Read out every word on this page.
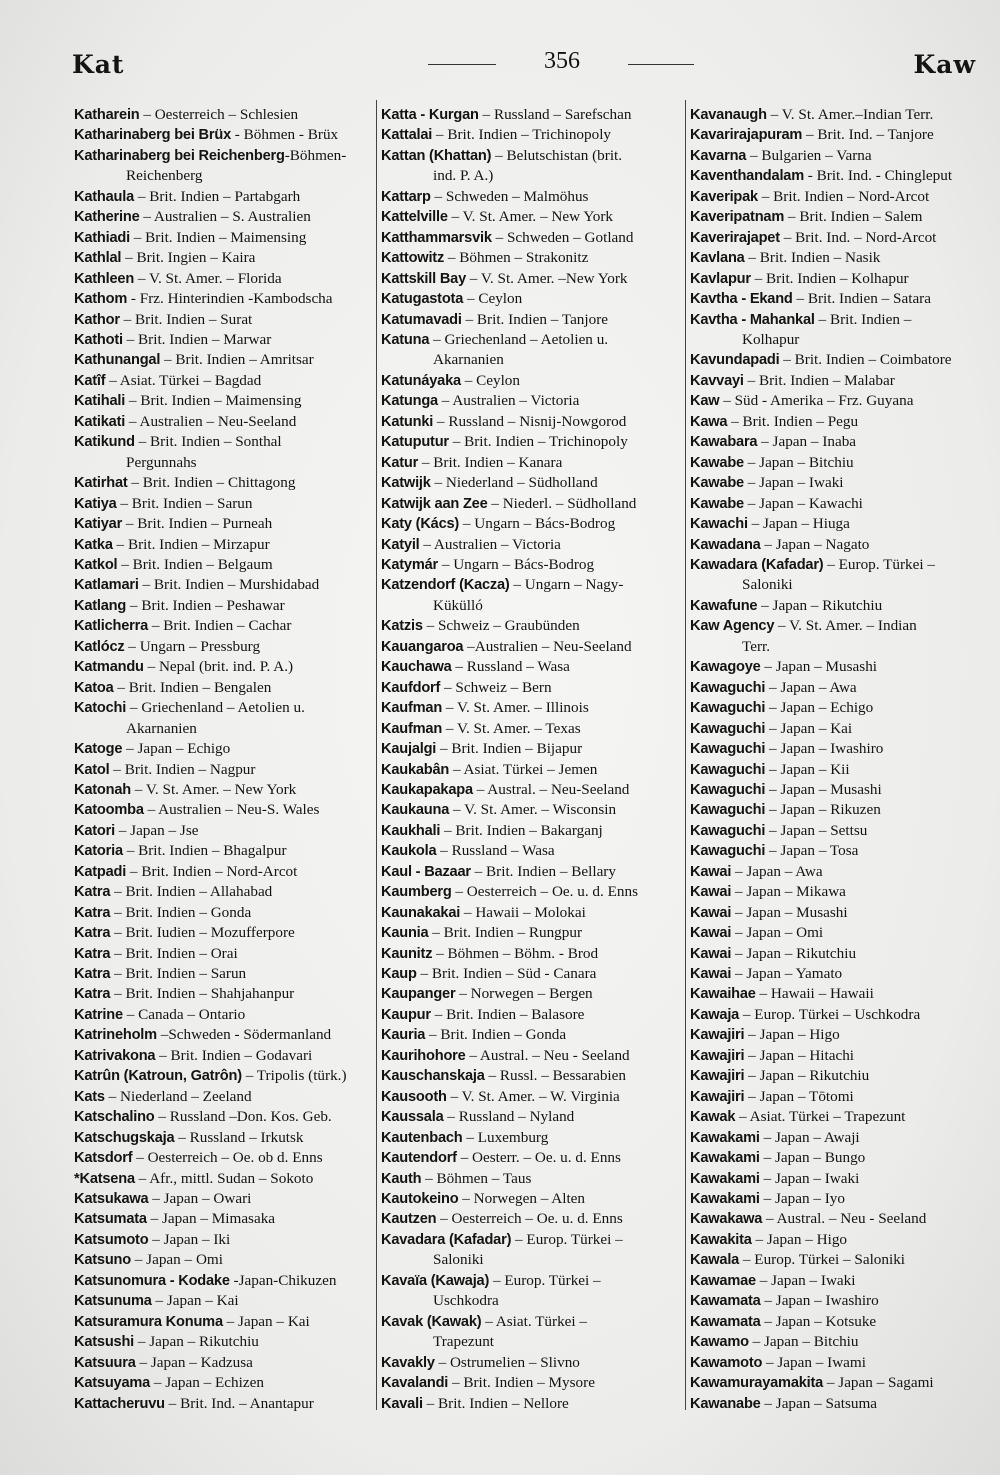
Kat	356	Kaw
Katharein – Oesterreich – Schlesien
Katharinaberg bei Brüx - Böhmen - Brüx
Katharinaberg bei Reichenberg-Böhmen-
Reichenberg
Kathaula – Brit. Indien – Partabgarh
Katherine – Australien – S. Australien
Kathiadi – Brit. Indien – Maimensing
Kathlal – Brit. Ingien – Kaira
Kathleen – V. St. Amer. – Florida
Kathom - Frz. Hinterindien -Kambodscha
Kathor – Brit. Indien – Surat
Kathoti – Brit. Indien – Marwar
Kathunangal – Brit. Indien – Amritsar
Katîf – Asiat. Türkei – Bagdad
Katihali – Brit. Indien – Maimensing
Katikati – Australien – Neu-Seeland
Katikund – Brit. Indien – Sonthal
Pergunnahs
Katirhat – Brit. Indien – Chittagong
Katiya – Brit. Indien – Sarun
Katiyar – Brit. Indien – Purneah
Katka – Brit. Indien – Mirzapur
Katkol – Brit. Indien – Belgaum
Katlamari – Brit. Indien – Murshidabad
Katlang – Brit. Indien – Peshawar
Katlicherra – Brit. Indien – Cachar
Katlócz – Ungarn – Pressburg
Katmandu – Nepal (brit. ind. P. A.)
Katoa – Brit. Indien – Bengalen
Katochi – Griechenland – Aetolien u.
Akarnanien
Katoge – Japan – Echigo
Katol – Brit. Indien – Nagpur
Katonah – V. St. Amer. – New York
Katoomba – Australien – Neu-S. Wales
Katori – Japan – Jse
Katoria – Brit. Indien – Bhagalpur
Katpadi – Brit. Indien – Nord-Arcot
Katra – Brit. Indien – Allahabad
Katra – Brit. Indien – Gonda
Katra – Brit. Iudien – Mozufferpore
Katra – Brit. Indien – Orai
Katra – Brit. Indien – Sarun
Katra – Brit. Indien – Shahjahanpur
Katrine – Canada – Ontario
Katrineholm –Schweden - Södermanland
Katrivakona – Brit. Indien – Godavari
Katrûn (Katroun, Gatrôn) – Tripolis (türk.)
Kats – Niederland – Zeeland
Katschalino – Russland –Don. Kos. Geb.
Katschugskaja – Russland – Irkutsk
Katsdorf – Oesterreich – Oe. ob d. Enns
*Katsena – Afr., mittl. Sudan – Sokoto
Katsukawa – Japan – Owari
Katsumata – Japan – Mimasaka
Katsumoto – Japan – Iki
Katsuno – Japan – Omi
Katsunomura - Kodake -Japan-Chikuzen
Katsunuma – Japan – Kai
Katsuramura Konuma – Japan – Kai
Katsushi – Japan – Rikutchiu
Katsuura – Japan – Kadzusa
Katsuyama – Japan – Echizen
Kattacheruvu – Brit. Ind. – Anantapur
Katta - Kurgan – Russland – Sarefschan
Kattalai – Brit. Indien – Trichinopoly
Kattan (Khattan) – Belutschistan (brit.
ind. P. A.)
Kattarp – Schweden – Malmöhus
Kattelville – V. St. Amer. – New York
Katthammarsvik – Schweden – Gotland
Kattowitz – Böhmen – Strakonitz
Kattskill Bay – V. St. Amer. –New York
Katugastota – Ceylon
Katumavadi – Brit. Indien – Tanjore
Katuna – Griechenland – Aetolien u.
Akarnanien
Katunáyaka – Ceylon
Katunga – Australien – Victoria
Katunki – Russland – Nisnij-Nowgorod
Katuputur – Brit. Indien – Trichinopoly
Katur – Brit. Indien – Kanara
Katwijk – Niederland – Südholland
Katwijk aan Zee – Niederl. – Südholland
Katy (Kács) – Ungarn – Bács-Bodrog
Katyil – Australien – Victoria
Katymár – Ungarn – Bács-Bodrog
Katzendorf (Kacza) – Ungarn – Nagy-
Kükülló
Katzis – Schweiz – Graubünden
Kauangaroa –Australien – Neu-Seeland
Kauchawa – Russland – Wasa
Kaufdorf – Schweiz – Bern
Kaufman – V. St. Amer. – Illinois
Kaufman – V. St. Amer. – Texas
Kaujalgi – Brit. Indien – Bijapur
Kaukabân – Asiat. Türkei – Jemen
Kaukapakapa – Austral. – Neu-Seeland
Kaukauna – V. St. Amer. – Wisconsin
Kaukhali – Brit. Indien – Bakarganj
Kaukola – Russland – Wasa
Kaul - Bazaar – Brit. Indien – Bellary
Kaumberg – Oesterreich – Oe. u. d. Enns
Kaunakakai – Hawaii – Molokai
Kaunia – Brit. Indien – Rungpur
Kaunitz – Böhmen – Böhm. - Brod
Kaup – Brit. Indien – Süd - Canara
Kaupanger – Norwegen – Bergen
Kaupur – Brit. Indien – Balasore
Kauria – Brit. Indien – Gonda
Kaurihohore – Austral. – Neu - Seeland
Kauschanskaja – Russl. – Bessarabien
Kausooth – V. St. Amer. – W. Virginia
Kaussala – Russland – Nyland
Kautenbach – Luxemburg
Kautendorf – Oesterr. – Oe. u. d. Enns
Kauth – Böhmen – Taus
Kautokeino – Norwegen – Alten
Kautzen – Oesterreich – Oe. u. d. Enns
Kavadara (Kafadar) – Europ. Türkei –
Saloniki
Kavaïa (Kawaja) – Europ. Türkei –
Uschkodra
Kavak (Kawak) – Asiat. Türkei –
Trapezunt
Kavakly – Ostrumelien – Slivno
Kavalandi – Brit. Indien – Mysore
Kavali – Brit. Indien – Nellore
Kavanaugh – V. St. Amer.–Indian Terr.
Kavarirajapuram – Brit. Ind. – Tanjore
Kavarna – Bulgarien – Varna
Kaventhandalam - Brit. Ind. - Chingleput
Kaveripak – Brit. Indien – Nord-Arcot
Kaveripatnam – Brit. Indien – Salem
Kaverirajapet – Brit. Ind. – Nord-Arcot
Kavlana – Brit. Indien – Nasik
Kavlapur – Brit. Indien – Kolhapur
Kavtha - Ekand – Brit. Indien – Satara
Kavtha - Mahankal – Brit. Indien –
Kolhapur
Kavundapadi – Brit. Indien – Coimbatore
Kavvayi – Brit. Indien – Malabar
Kaw – Süd - Amerika – Frz. Guyana
Kawa – Brit. Indien – Pegu
Kawabara – Japan – Inaba
Kawabe – Japan – Bitchiu
Kawabe – Japan – Iwaki
Kawabe – Japan – Kawachi
Kawachi – Japan – Hiuga
Kawadana – Japan – Nagato
Kawadara (Kafadar) – Europ. Türkei –
Saloniki
Kawafune – Japan – Rikutchiu
Kaw Agency – V. St. Amer. – Indian
Terr.
Kawagoye – Japan – Musashi
Kawaguchi – Japan – Awa
Kawaguchi – Japan – Echigo
Kawaguchi – Japan – Kai
Kawaguchi – Japan – Iwashiro
Kawaguchi – Japan – Kii
Kawaguchi – Japan – Musashi
Kawaguchi – Japan – Rikuzen
Kawaguchi – Japan – Settsu
Kawaguchi – Japan – Tosa
Kawai – Japan – Awa
Kawai – Japan – Mikawa
Kawai – Japan – Musashi
Kawai – Japan – Omi
Kawai – Japan – Rikutchiu
Kawai – Japan – Yamato
Kawaihae – Hawaii – Hawaii
Kawaja – Europ. Türkei – Uschkodra
Kawajiri – Japan – Higo
Kawajiri – Japan – Hitachi
Kawajiri – Japan – Rikutchiu
Kawajiri – Japan – Tōtomi
Kawak – Asiat. Türkei – Trapezunt
Kawakami – Japan – Awaji
Kawakami – Japan – Bungo
Kawakami – Japan – Iwaki
Kawakami – Japan – Iyo
Kawakawa – Austral. – Neu - Seeland
Kawakita – Japan – Higo
Kawala – Europ. Türkei – Saloniki
Kawamae – Japan – Iwaki
Kawamata – Japan – Iwashiro
Kawamata – Japan – Kotsuke
Kawamo – Japan – Bitchiu
Kawamoto – Japan – Iwami
Kawamurayamakita – Japan – Sagami
Kawanabe – Japan – Satsuma
